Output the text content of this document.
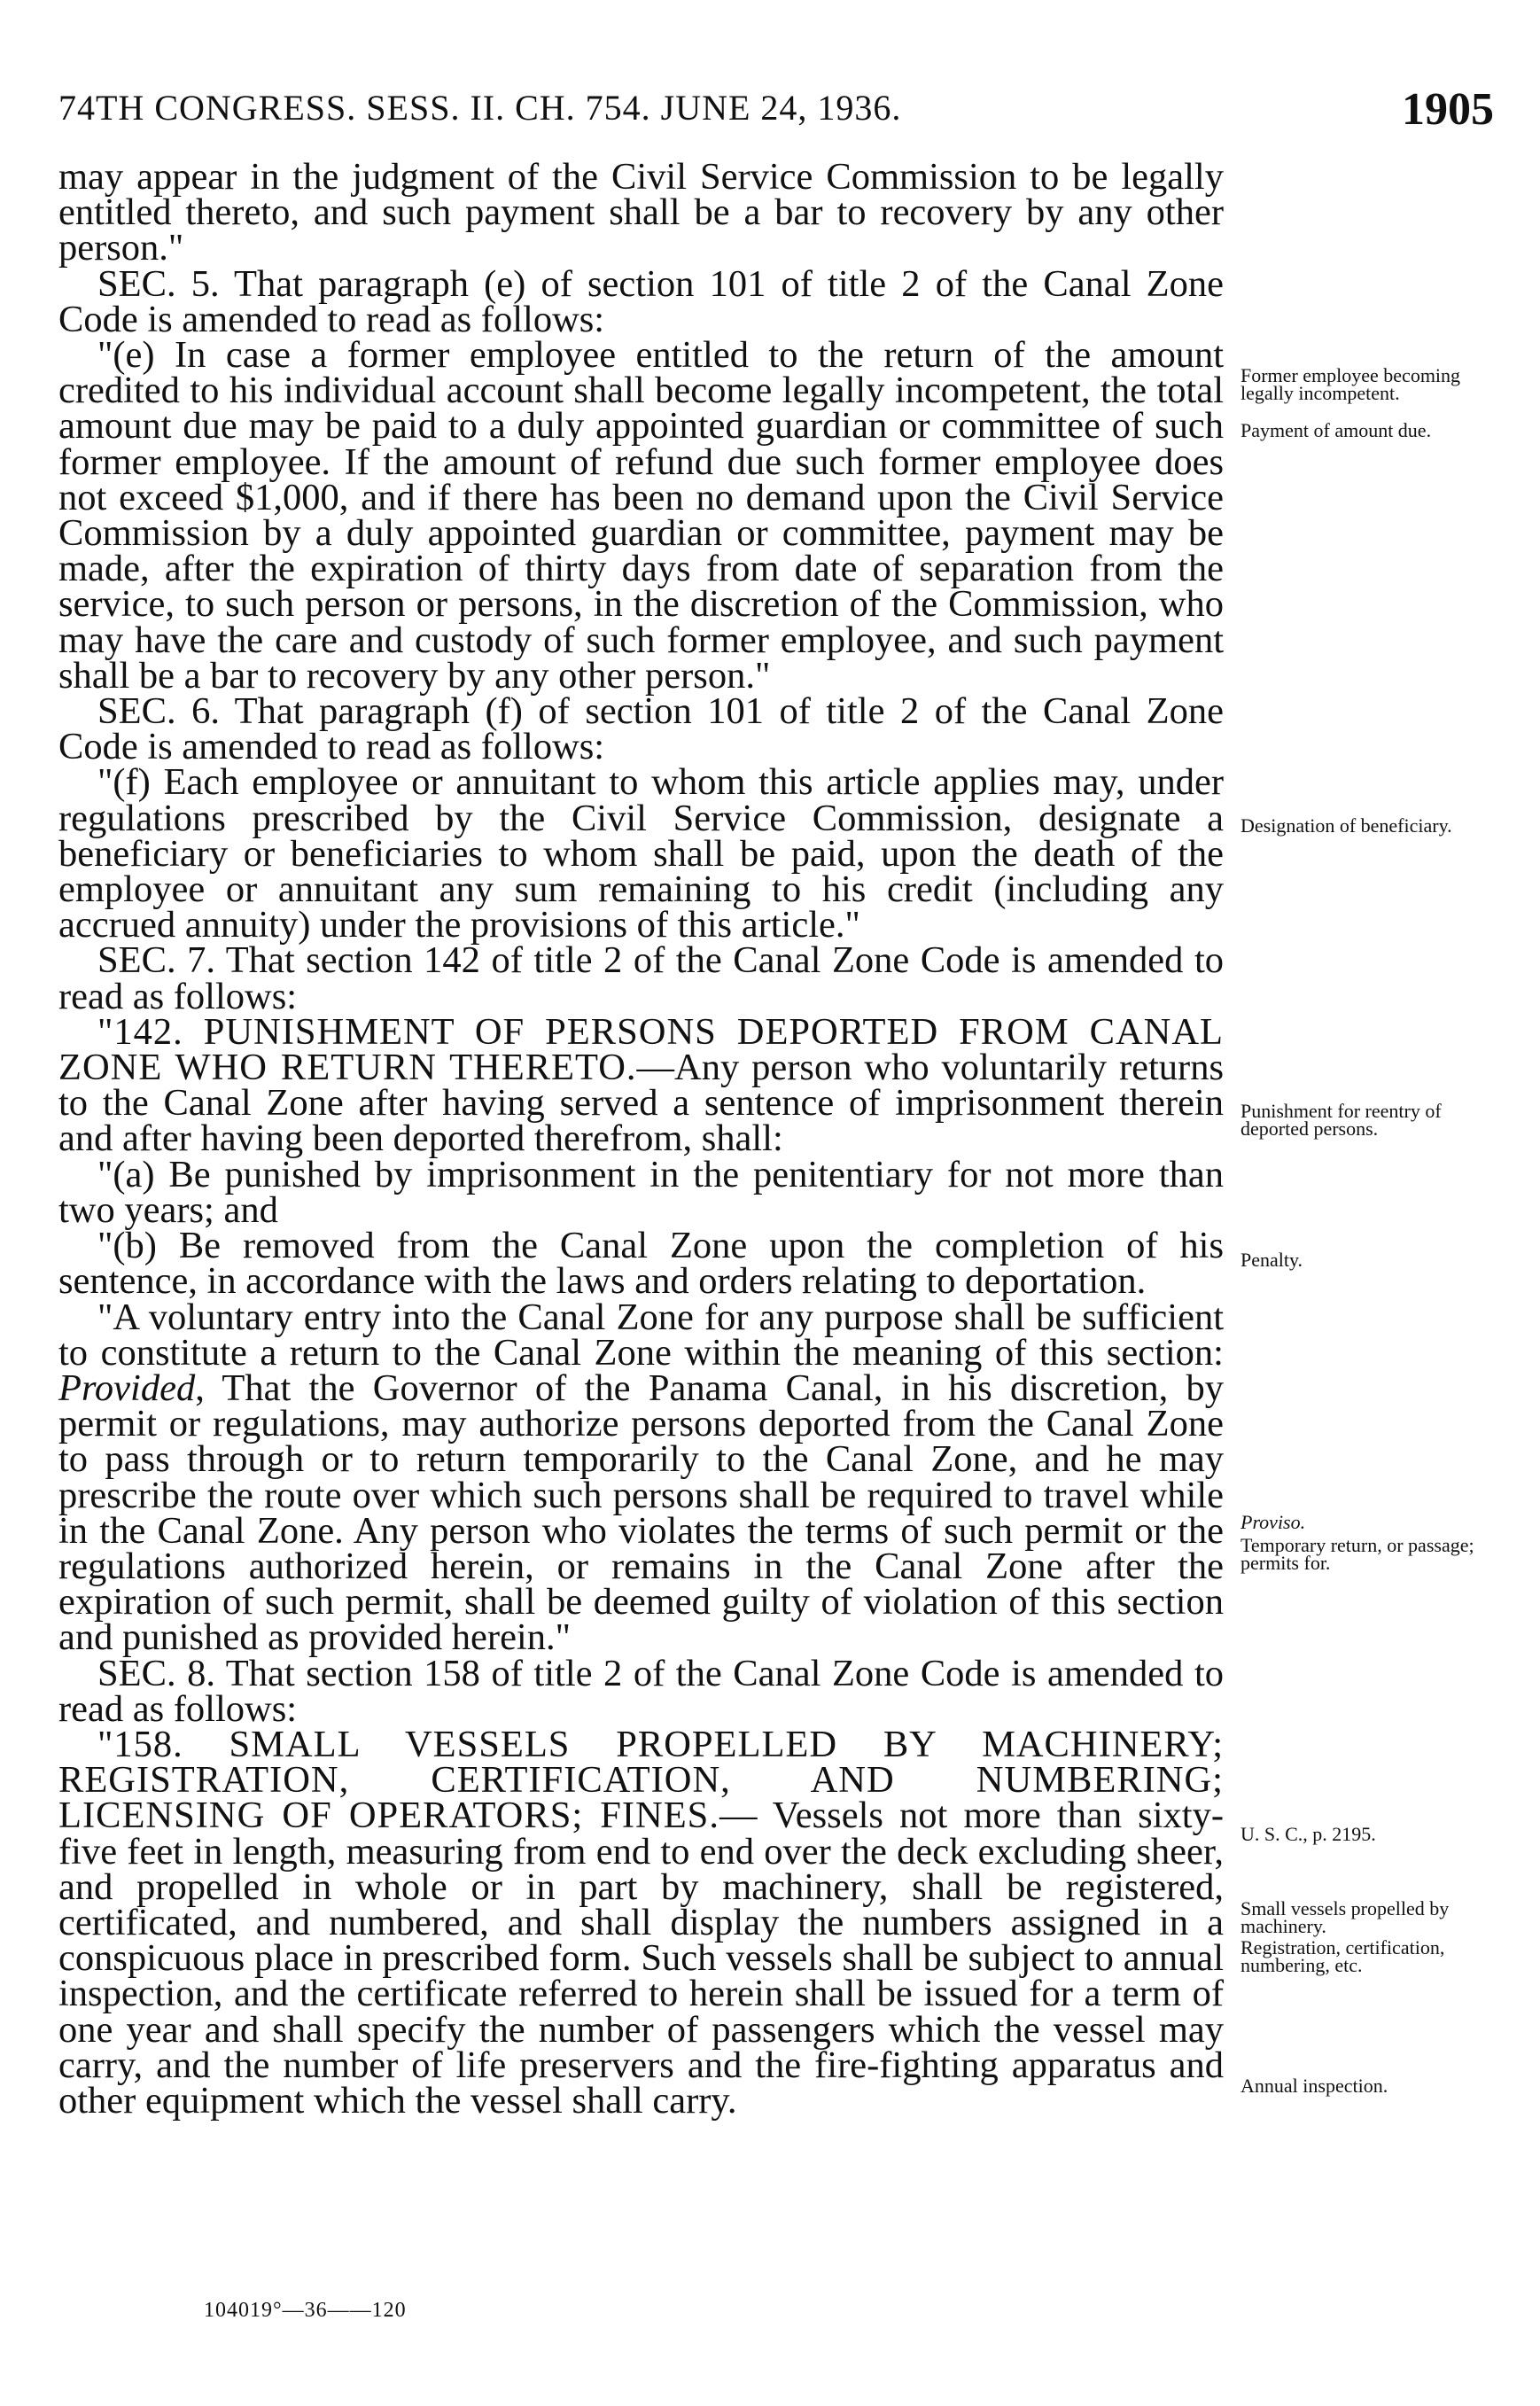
74TH CONGRESS. SESS. II. CH. 754. JUNE 24, 1936.	1905

may appear in the judgment of the Civil Service Commission to be legally entitled thereto, and such payment shall be a bar to recovery by any other person."

SEC. 5. That paragraph (e) of section 101 of title 2 of the Canal Zone Code is amended to read as follows:

"(e) In case a former employee entitled to the return of the amount credited to his individual account shall become legally incompetent, the total amount due may be paid to a duly appointed guardian or committee of such former employee. If the amount of refund due such former employee does not exceed $1,000, and if there has been no demand upon the Civil Service Commission by a duly appointed guardian or committee, payment may be made, after the expiration of thirty days from date of separation from the service, to such person or persons, in the discretion of the Commission, who may have the care and custody of such former employee, and such payment shall be a bar to recovery by any other person."

SEC. 6. That paragraph (f) of section 101 of title 2 of the Canal Zone Code is amended to read as follows:

"(f) Each employee or annuitant to whom this article applies may, under regulations prescribed by the Civil Service Commission, designate a beneficiary or beneficiaries to whom shall be paid, upon the death of the employee or annuitant any sum remaining to his credit (including any accrued annuity) under the provisions of this article."

SEC. 7. That section 142 of title 2 of the Canal Zone Code is amended to read as follows:

"142. PUNISHMENT OF PERSONS DEPORTED FROM CANAL ZONE WHO RETURN THERETO.—Any person who voluntarily returns to the Canal Zone after having served a sentence of imprisonment therein and after having been deported therefrom, shall:

"(a) Be punished by imprisonment in the penitentiary for not more than two years; and

"(b) Be removed from the Canal Zone upon the completion of his sentence, in accordance with the laws and orders relating to deportation.

"A voluntary entry into the Canal Zone for any purpose shall be sufficient to constitute a return to the Canal Zone within the meaning of this section: Provided, That the Governor of the Panama Canal, in his discretion, by permit or regulations, may authorize persons deported from the Canal Zone to pass through or to return temporarily to the Canal Zone, and he may prescribe the route over which such persons shall be required to travel while in the Canal Zone. Any person who violates the terms of such permit or the regulations authorized herein, or remains in the Canal Zone after the expiration of such permit, shall be deemed guilty of violation of this section and punished as provided herein."

SEC. 8. That section 158 of title 2 of the Canal Zone Code is amended to read as follows:

"158. SMALL VESSELS PROPELLED BY MACHINERY; REGISTRATION, CERTIFICATION, AND NUMBERING; LICENSING OF OPERATORS; FINES.— Vessels not more than sixty-five feet in length, measuring from end to end over the deck excluding sheer, and propelled in whole or in part by machinery, shall be registered, certificated, and numbered, and shall display the numbers assigned in a conspicuous place in prescribed form. Such vessels shall be subject to annual inspection, and the certificate referred to herein shall be issued for a term of one year and shall specify the number of passengers which the vessel may carry, and the number of life preservers and the fire-fighting apparatus and other equipment which the vessel shall carry.

Former employee becoming legally incompetent.
Payment of amount due.
Designation of beneficiary.
Punishment for reentry of deported persons.
Penalty.
Proviso.
Temporary return, or passage; permits for.
U. S. C., p. 2195.
Small vessels propelled by machinery.
Registration, certification, numbering, etc.
Annual inspection.
104019°—36——120
